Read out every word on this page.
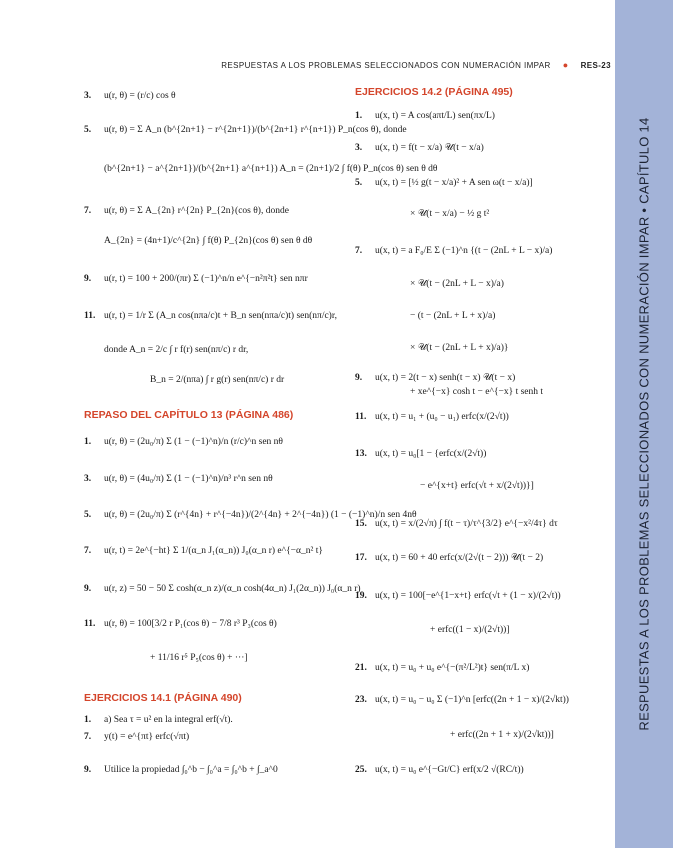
RESPUESTAS A LOS PROBLEMAS SELECCIONADOS CON NUMERACIÓN IMPAR • CAPÍTULO 14
RESPUESTAS A LOS PROBLEMAS SELECCIONADOS CON NUMERACIÓN IMPAR ● RES-23
3. u(r, θ) = (r/c) cos θ
5. u(r, θ) = Σ A_n (b^{2n+1} − r^{2n+1})/(b^{2n+1} r^{n+1}) P_n(cos θ), donde
(b^{2n+1} − a^{2n+1})/(b^{2n+1} a^{n+1}) A_n = (2n+1)/2 ∫ f(θ) P_n(cos θ) sen θ dθ
7. u(r, θ) = Σ A_{2n} r^{2n} P_{2n}(cos θ), donde
A_{2n} = (4n+1)/c^{2n} ∫ f(θ) P_{2n}(cos θ) sen θ dθ
9. u(r, t) = 100 + 200/(πr) Σ (−1)^n/n e^{−n²π²t} sen nπr
11. u(r, t) = 1/r Σ (A_n cos(nπa/c)t + B_n sen(nπa/c)t) sen(nπ/c)r,
donde A_n = 2/c ∫ r f(r) sen(nπ/c) r dr,
B_n = 2/(nπa) ∫ r g(r) sen(nπ/c) r dr
REPASO DEL CAPÍTULO 13 (PÁGINA 486)
1. u(r, θ) = (2u₀/π) Σ (1 − (−1)^n)/n (r/c)^n sen nθ
3. u(r, θ) = (4u₀/π) Σ (1 − (−1)^n)/n³ r^n sen nθ
5. u(r, θ) = (2u₀/π) Σ (r^{4n} + r^{−4n})/(2^{4n} + 2^{−4n}) (1 − (−1)^n)/n sen 4nθ
7. u(r, t) = 2e^{−ht} Σ 1/(α_n J₁(α_n)) J₀(α_n r) e^{−α_n² t}
9. u(r, z) = 50 − 50 Σ cosh(α_n z)/(α_n cosh(4α_n) J₁(2α_n)) J₀(α_n r)
11. u(r, θ) = 100[3/2 r P₁(cos θ) − 7/8 r³ P₃(cos θ)
+ 11/16 r⁵ P₅(cos θ) + ···]
EJERCICIOS 14.1 (PÁGINA 490)
1. a) Sea τ = u² en la integral erf(√t).
7. y(t) = e^{πt} erfc(√πt)
9. Utilice la propiedad ∫₀^b − ∫₀^a = ∫₀^b + ∫_a^0
EJERCICIOS 14.2 (PÁGINA 495)
1. u(x, t) = A cos(aπt/L) sen(πx/L)
3. u(x, t) = f(t − x/a) 𝒰(t − x/a)
5. u(x, t) = [½ g(t − x/a)² + A sen ω(t − x/a)]
× 𝒰(t − x/a) − ½ g t²
7. u(x, t) = a F₀/E Σ (−1)^n {(t − (2nL + L − x)/a)
× 𝒰(t − (2nL + L − x)/a)
− (t − (2nL + L + x)/a)
× 𝒰(t − (2nL + L + x)/a)}
9. u(x, t) = 2(t − x) senh(t − x) 𝒰(t − x)
+ xe^{−x} cosh t − e^{−x} t senh t
11. u(x, t) = u₁ + (u₀ − u₁) erfc(x/(2√t))
13. u(x, t) = u₀[1 − {erfc(x/(2√t))
− e^{x+t} erfc(√t + x/(2√t))}]
15. u(x, t) = x/(2√π) ∫ f(t − τ)/τ^{3/2} e^{−x²/4τ} dτ
17. u(x, t) = 60 + 40 erfc(x/(2√(t − 2))) 𝒰(t − 2)
19. u(x, t) = 100[−e^{1−x+t} erfc(√t + (1 − x)/(2√t))
+ erfc((1 − x)/(2√t))]
21. u(x, t) = u₀ + u₀ e^{−(π²/L²)t} sen(π/L x)
23. u(x, t) = u₀ − u₀ Σ (−1)^n [erfc((2n + 1 − x)/(2√kt))
+ erfc((2n + 1 + x)/(2√kt))]
25. u(x, t) = u₀ e^{−Gt/C} erf(x/2 √(RC/t))
